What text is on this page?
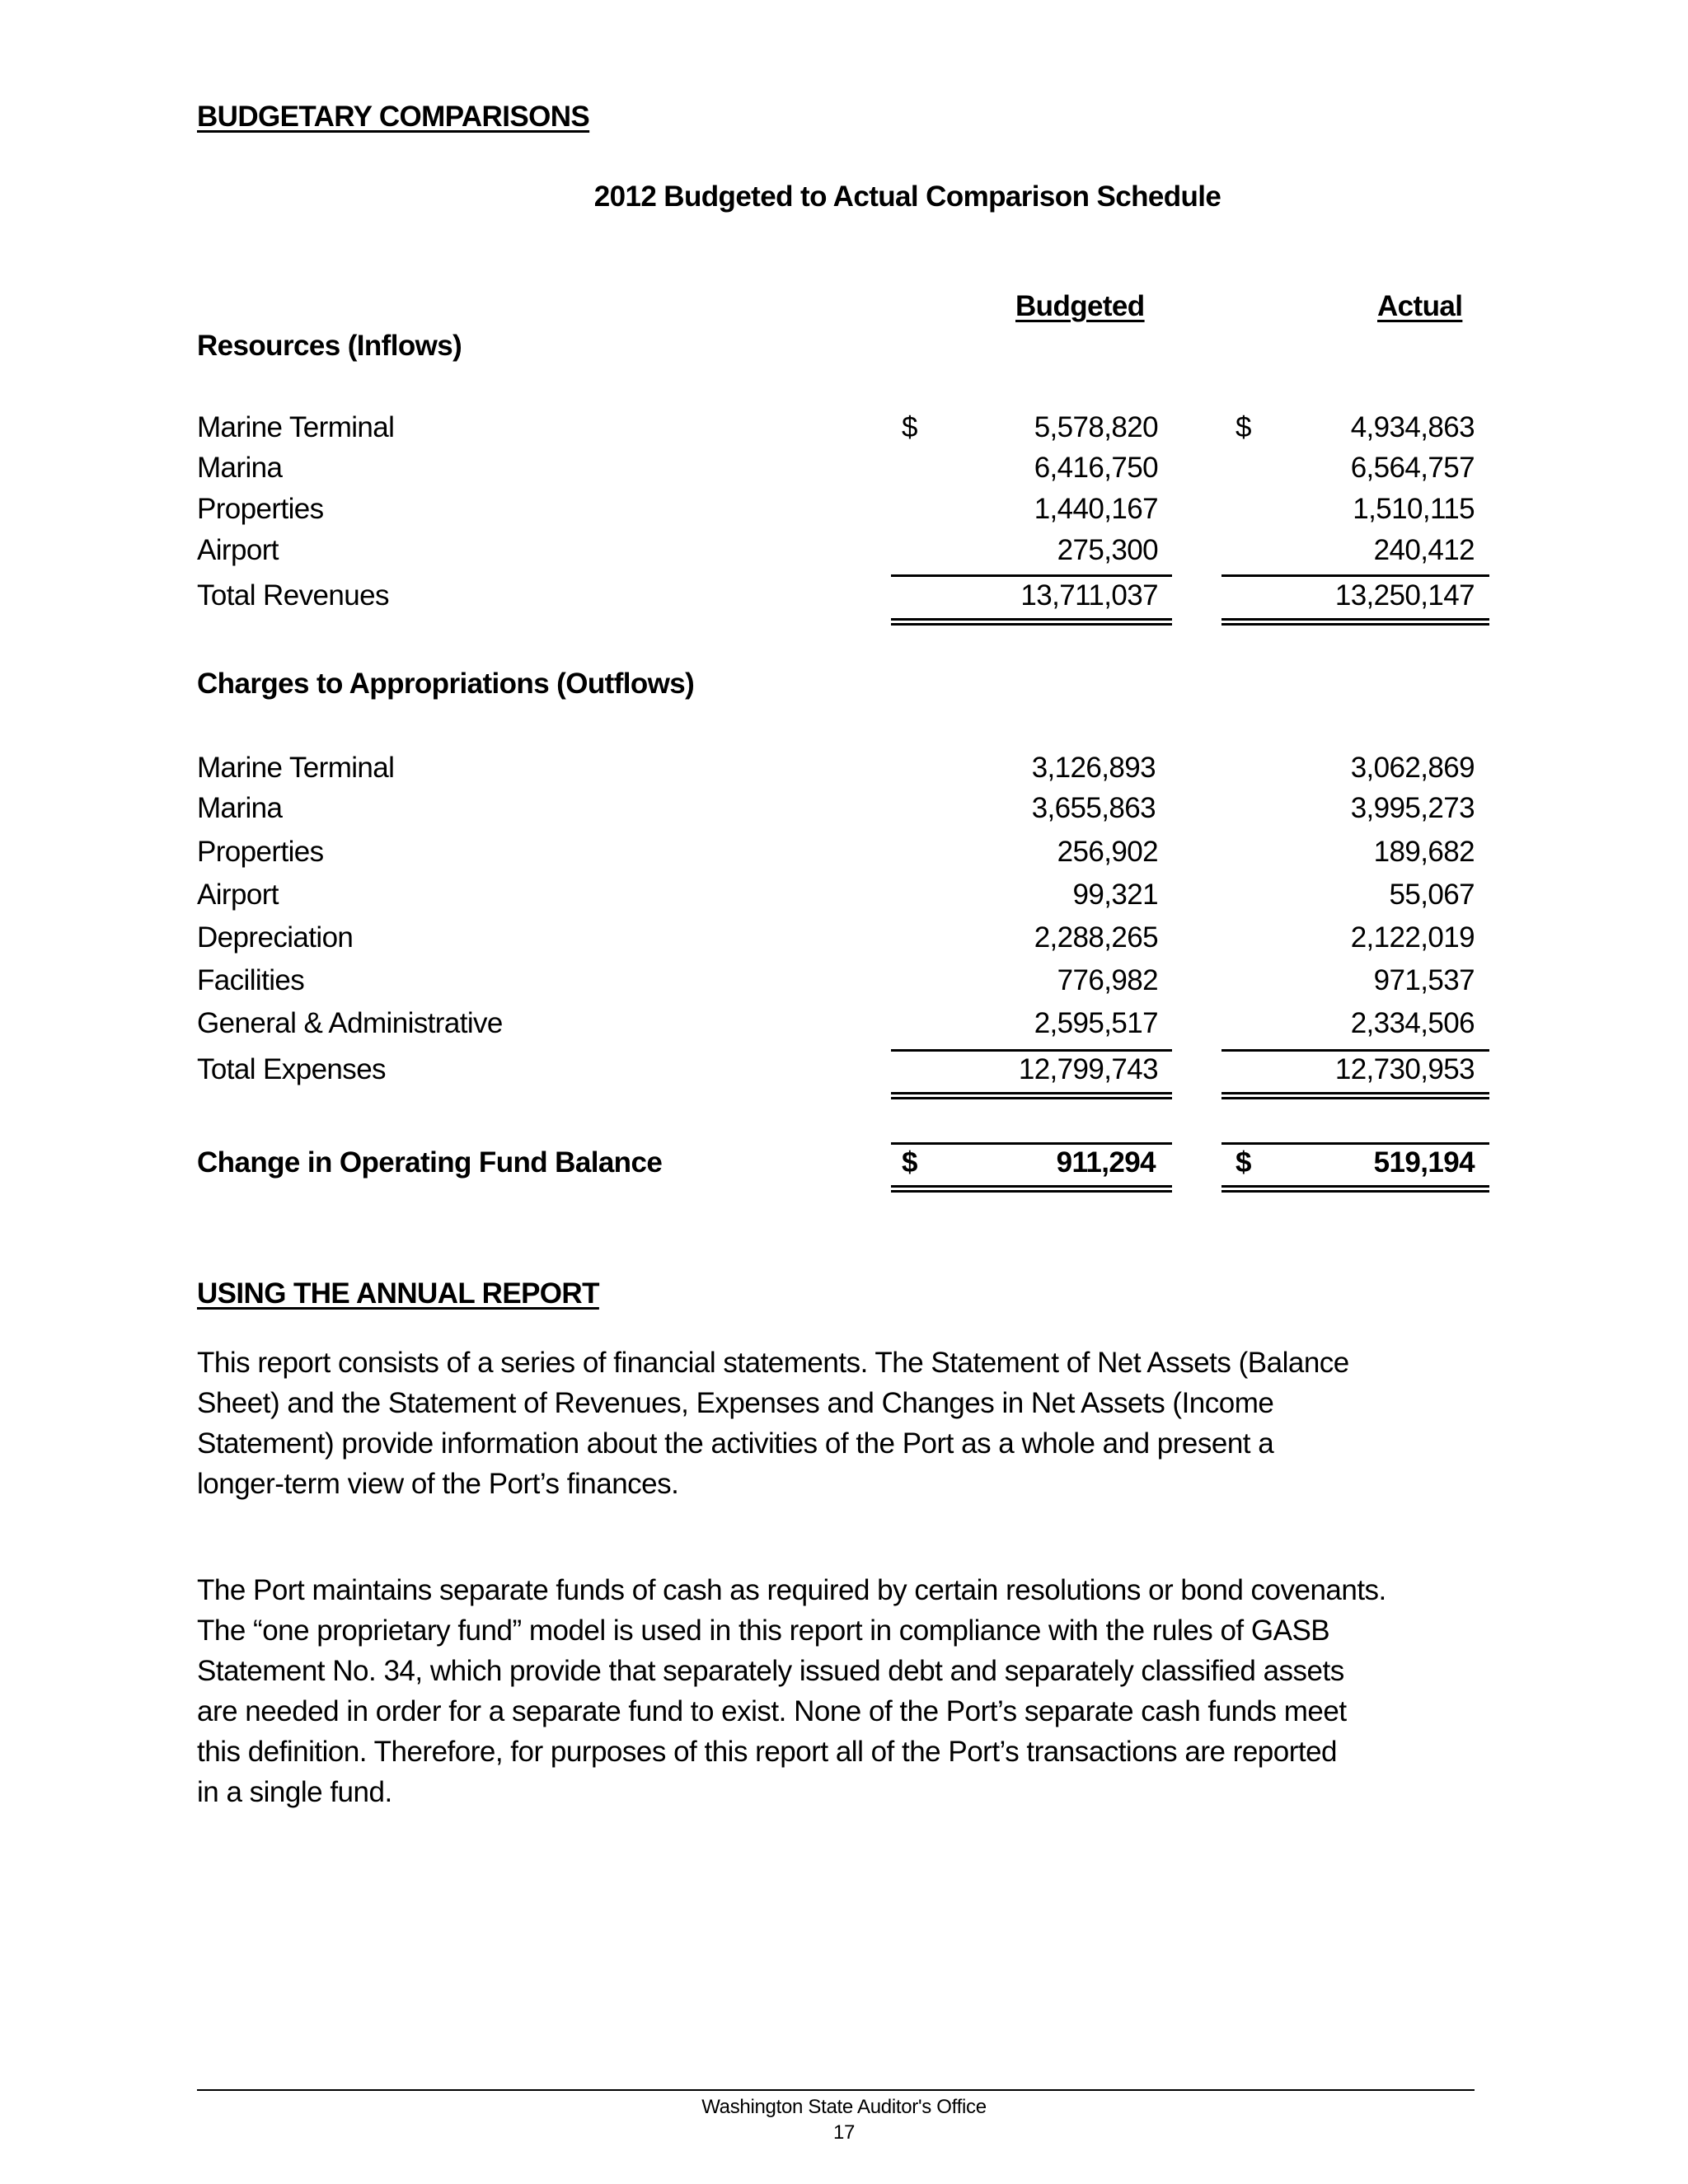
BUDGETARY COMPARISONS
2012 Budgeted to Actual Comparison Schedule
Budgeted	Actual
Resources (Inflows)
Marine Terminal	$	5,578,820	$	4,934,863
Marina	6,416,750	6,564,757
Properties	1,440,167	1,510,115
Airport	275,300	240,412
Total Revenues	13,711,037	13,250,147
Charges to Appropriations (Outflows)
Marine Terminal	3,126,893	3,062,869
Marina	3,655,863	3,995,273
Properties	256,902	189,682
Airport	99,321	55,067
Depreciation	2,288,265	2,122,019
Facilities	776,982	971,537
General & Administrative	2,595,517	2,334,506
Total Expenses	12,799,743	12,730,953
Change in Operating Fund Balance	$	911,294	$	519,194
USING THE ANNUAL REPORT
This report consists of a series of financial statements. The Statement of Net Assets (Balance
Sheet) and the Statement of Revenues, Expenses and Changes in Net Assets (Income
Statement) provide information about the activities of the Port as a whole and present a
longer-term view of the Port’s finances.
The Port maintains separate funds of cash as required by certain resolutions or bond covenants.
The “one proprietary fund” model is used in this report in compliance with the rules of GASB
Statement No. 34, which provide that separately issued debt and separately classified assets
are needed in order for a separate fund to exist. None of the Port’s separate cash funds meet
this definition. Therefore, for purposes of this report all of the Port’s transactions are reported
in a single fund.
Washington State Auditor's Office
17
